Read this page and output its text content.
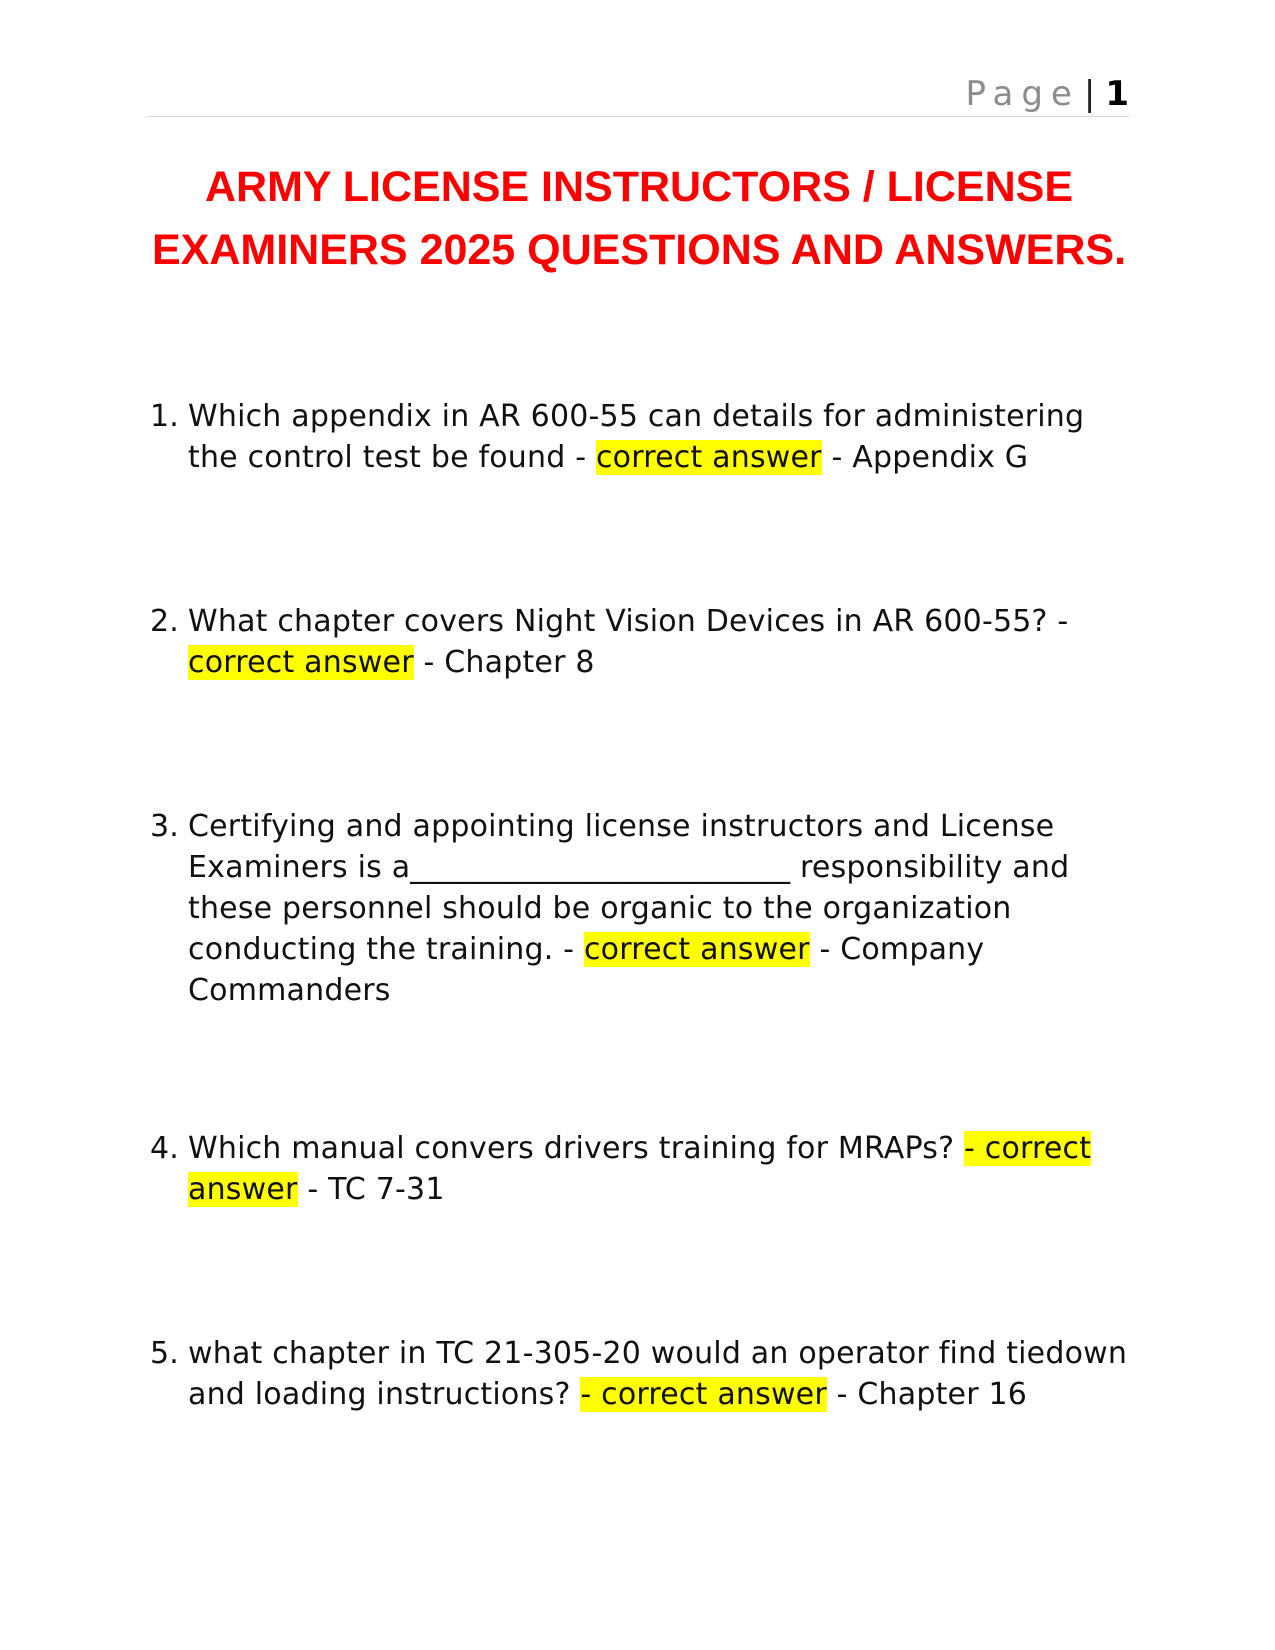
Page | 1
ARMY LICENSE INSTRUCTORS / LICENSE EXAMINERS 2025 QUESTIONS AND ANSWERS.
1. Which appendix in AR 600-55 can details for administering the control test be found - correct answer - Appendix G
2. What chapter covers Night Vision Devices in AR 600-55? -
correct answer - Chapter 8
3. Certifying and appointing license instructors and License Examiners is a_________________________ responsibility and these personnel should be organic to the organization conducting the training. - correct answer - Company Commanders
4. Which manual convers drivers training for MRAPs? - correct answer - TC 7-31
5. what chapter in TC 21-305-20 would an operator find tiedown and loading instructions? - correct answer - Chapter 16
